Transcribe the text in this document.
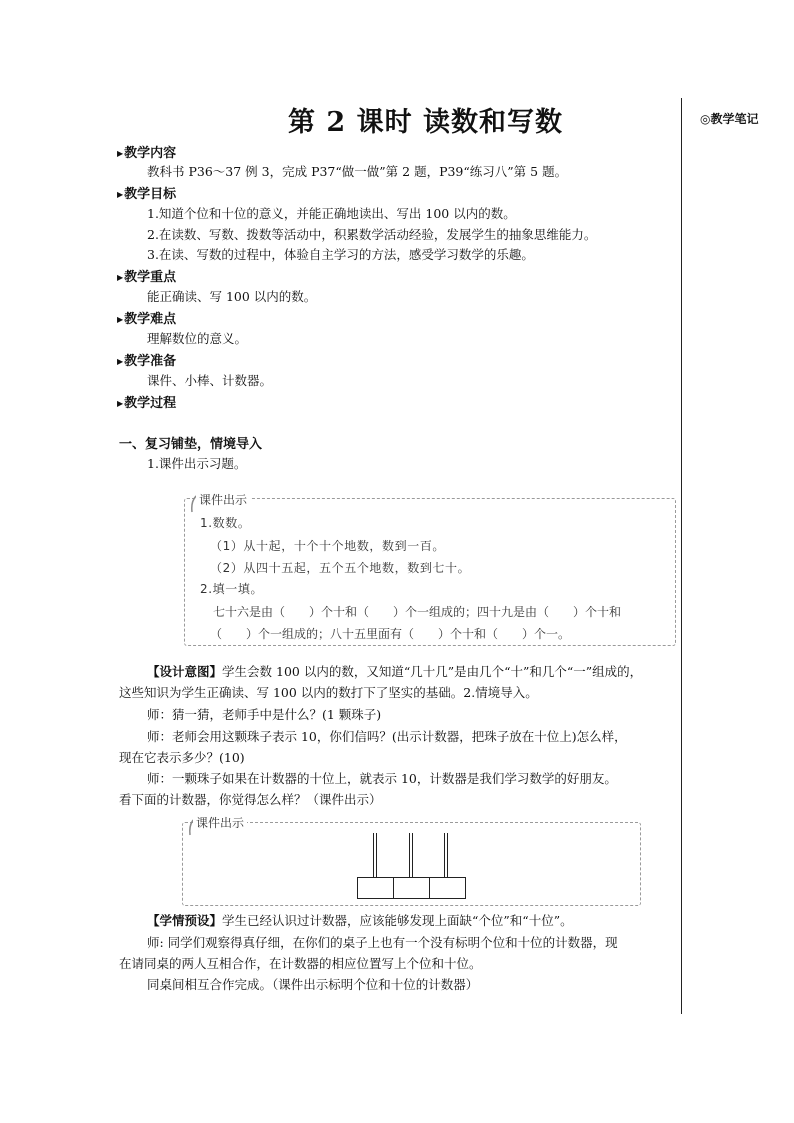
第 2 课时 读数和写数	◎教学笔记
▶教学内容
教科书 P36～37 例 3，完成 P37“做一做”第 2 题，P39“练习八”第 5 题。
▶教学目标
1.知道个位和十位的意义，并能正确地读出、写出 100 以内的数。
2.在读数、写数、拨数等活动中，积累数学活动经验，发展学生的抽象思维能力。
3.在读、写数的过程中，体验自主学习的方法，感受学习数学的乐趣。
▶教学重点
能正确读、写 100 以内的数。
▶教学难点
理解数位的意义。
▶教学准备
课件、小棒、计数器。
▶教学过程
一、复习铺垫，情境导入
1.课件出示习题。
课件出示
1.数数。
（1）从十起，十个十个地数，数到一百。
（2）从四十五起，五个五个地数，数到七十。
2.填一填。
七十六是由（　　）个十和（　　）个一组成的；四十九是由（　　）个十和
（　　）个一组成的；八十五里面有（　　）个十和（　　）个一。
【设计意图】学生会数 100 以内的数，又知道“几十几”是由几个“十”和几个“一”组成的，
这些知识为学生正确读、写 100 以内的数打下了坚实的基础。2.情境导入。
师：猜一猜，老师手中是什么？(1 颗珠子)
师：老师会用这颗珠子表示 10，你们信吗？(出示计数器，把珠子放在十位上)怎么样，
现在它表示多少？(10)
师：一颗珠子如果在计数器的十位上，就表示 10，计数器是我们学习数学的好朋友。
看下面的计数器，你觉得怎么样？（课件出示）
课件出示
【学情预设】学生已经认识过计数器，应该能够发现上面缺“个位”和“十位”。
师: 同学们观察得真仔细，在你们的桌子上也有一个没有标明个位和十位的计数器，现
在请同桌的两人互相合作，在计数器的相应位置写上个位和十位。
同桌间相互合作完成。（课件出示标明个位和十位的计数器）
